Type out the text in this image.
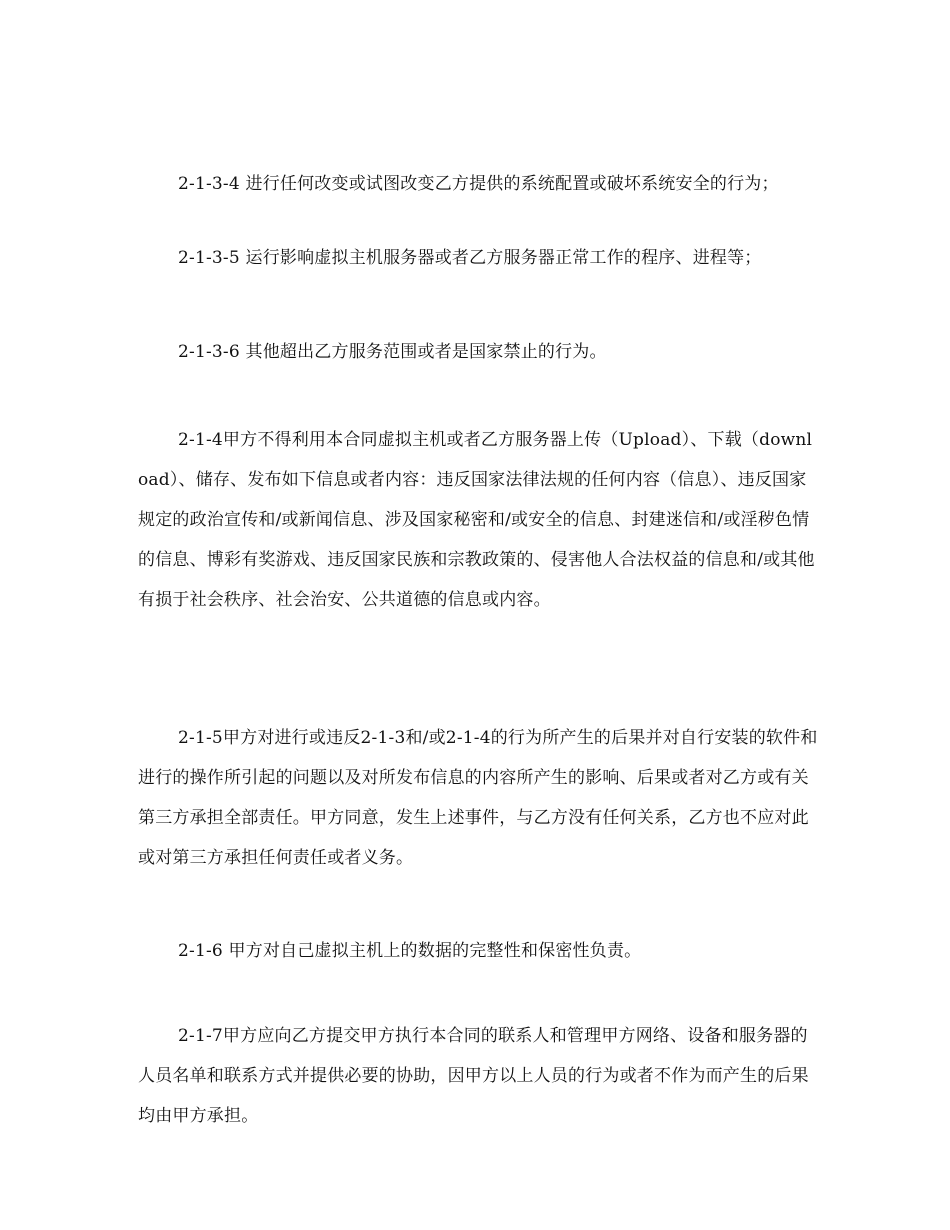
2-1-3-4 进行任何改变或试图改变乙方提供的系统配置或破坏系统安全的行为；

2-1-3-5 运行影响虚拟主机服务器或者乙方服务器正常工作的程序、进程等；

2-1-3-6 其他超出乙方服务范围或者是国家禁止的行为。

2-1-4甲方不得利用本合同虚拟主机或者乙方服务器上传（Upload）、下载（download）、储存、发布如下信息或者内容：违反国家法律法规的任何内容（信息）、违反国家规定的政治宣传和/或新闻信息、涉及国家秘密和/或安全的信息、封建迷信和/或淫秽色情的信息、博彩有奖游戏、违反国家民族和宗教政策的、侵害他人合法权益的信息和/或其他有损于社会秩序、社会治安、公共道德的信息或内容。

2-1-5甲方对进行或违反2-1-3和/或2-1-4的行为所产生的后果并对自行安装的软件和进行的操作所引起的问题以及对所发布信息的内容所产生的影响、后果或者对乙方或有关第三方承担全部责任。甲方同意，发生上述事件，与乙方没有任何关系，乙方也不应对此或对第三方承担任何责任或者义务。

2-1-6 甲方对自己虚拟主机上的数据的完整性和保密性负责。

2-1-7甲方应向乙方提交甲方执行本合同的联系人和管理甲方网络、设备和服务器的人员名单和联系方式并提供必要的协助，因甲方以上人员的行为或者不作为而产生的后果均由甲方承担。
